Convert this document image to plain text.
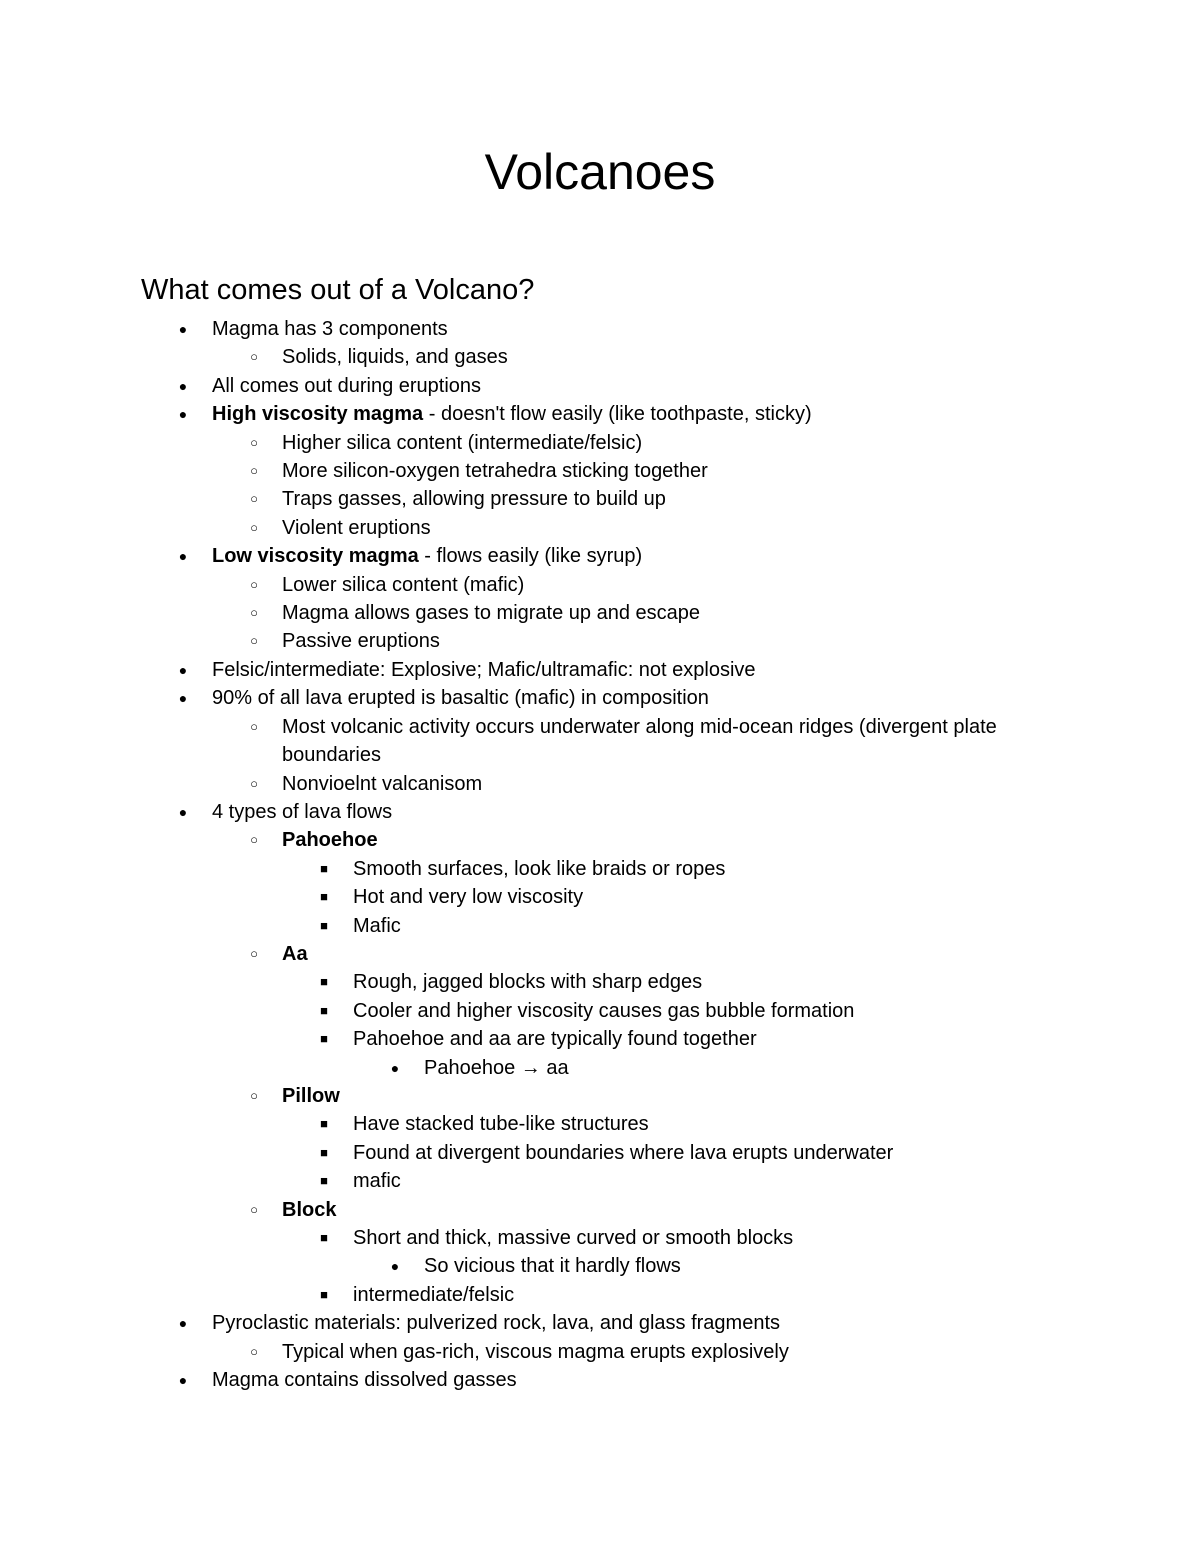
Volcanoes
What comes out of a Volcano?
● Magma has 3 components
○	Solids, liquids, and gases
● All comes out during eruptions
● High viscosity magma - doesn't flow easily (like toothpaste, sticky)
○	Higher silica content (intermediate/felsic)
○	More silicon-oxygen tetrahedra sticking together
○	Traps gasses, allowing pressure to build up
○	Violent eruptions
● Low viscosity magma - flows easily (like syrup)
○	Lower silica content (mafic)
○	Magma allows gases to migrate up and escape
○	Passive eruptions
● Felsic/intermediate: Explosive; Mafic/ultramafic: not explosive
● 90% of all lava erupted is basaltic (mafic) in composition
○	Most volcanic activity occurs underwater along mid-ocean ridges (divergent plate
boundaries
○	Nonvioelnt valcanisom
● 4 types of lava flows
○	Pahoehoe
■	Smooth surfaces, look like braids or ropes
■	Hot and very low viscosity
■	Mafic
○	Aa
■	Rough, jagged blocks with sharp edges
■	Cooler and higher viscosity causes gas bubble formation
■	Pahoehoe and aa are typically found together
● Pahoehoe → aa
○	Pillow
■	Have stacked tube-like structures
■	Found at divergent boundaries where lava erupts underwater
■	mafic
○	Block
■	Short and thick, massive curved or smooth blocks
● So vicious that it hardly flows
■	intermediate/felsic
● Pyroclastic materials: pulverized rock, lava, and glass fragments
○	Typical when gas-rich, viscous magma erupts explosively
● Magma contains dissolved gasses
